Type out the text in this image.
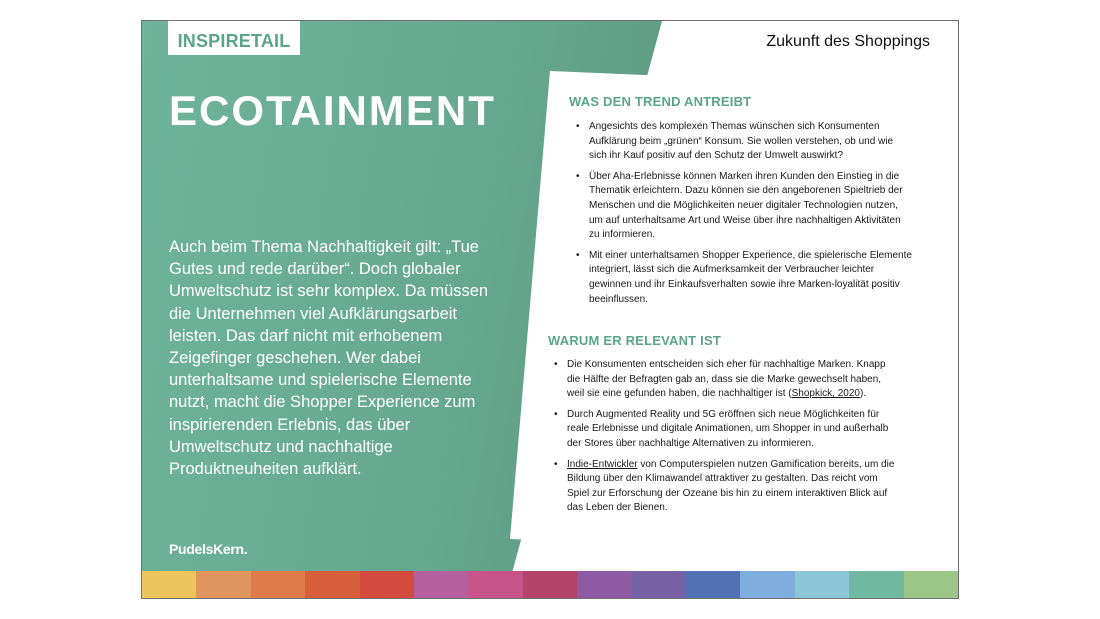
INSPIRETAIL	Zukunft des Shoppings
ECOTAINMENT

Auch beim Thema Nachhaltigkeit gilt: „Tue Gutes und rede darüber“. Doch globaler Umweltschutz ist sehr komplex. Da müssen die Unternehmen viel Aufklärungsarbeit leisten. Das darf nicht mit erhobenem Zeigefinger geschehen. Wer dabei unterhaltsame und spielerische Elemente nutzt, macht die Shopper Experience zum inspirierenden Erlebnis, das über Umweltschutz und nachhaltige Produktneuheiten aufklärt.

PudelsKern.
WAS DEN TREND ANTREIBT
• Angesichts des komplexen Themas wünschen sich Konsumenten Aufklärung beim „grünen“ Konsum. Sie wollen verstehen, ob und wie sich ihr Kauf positiv auf den Schutz der Umwelt auswirkt?
• Über Aha-Erlebnisse können Marken ihren Kunden den Einstieg in die Thematik erleichtern. Dazu können sie den angeborenen Spieltrieb der Menschen und die Möglichkeiten neuer digitaler Technologien nutzen, um auf unterhaltsame Art und Weise über ihre nachhaltigen Aktivitäten zu informieren.
• Mit einer unterhaltsamen Shopper Experience, die spielerische Elemente integriert, lässt sich die Aufmerksamkeit der Verbraucher leichter gewinnen und ihr Einkaufsverhalten sowie ihre Marken-loyalität positiv beeinflussen.
WARUM ER RELEVANT IST
• Die Konsumenten entscheiden sich eher für nachhaltige Marken. Knapp die Hälfte der Befragten gab an, dass sie die Marke gewechselt haben, weil sie eine gefunden haben, die nachhaltiger ist (Shopkick, 2020).
• Durch Augmented Reality und 5G eröffnen sich neue Möglichkeiten für reale Erlebnisse und digitale Animationen, um Shopper in und außerhalb der Stores über nachhaltige Alternativen zu informieren.
• Indie-Entwickler von Computerspielen nutzen Gamification bereits, um die Bildung über den Klimawandel attraktiver zu gestalten. Das reicht vom Spiel zur Erforschung der Ozeane bis hin zu einem interaktiven Blick auf das Leben der Bienen.
